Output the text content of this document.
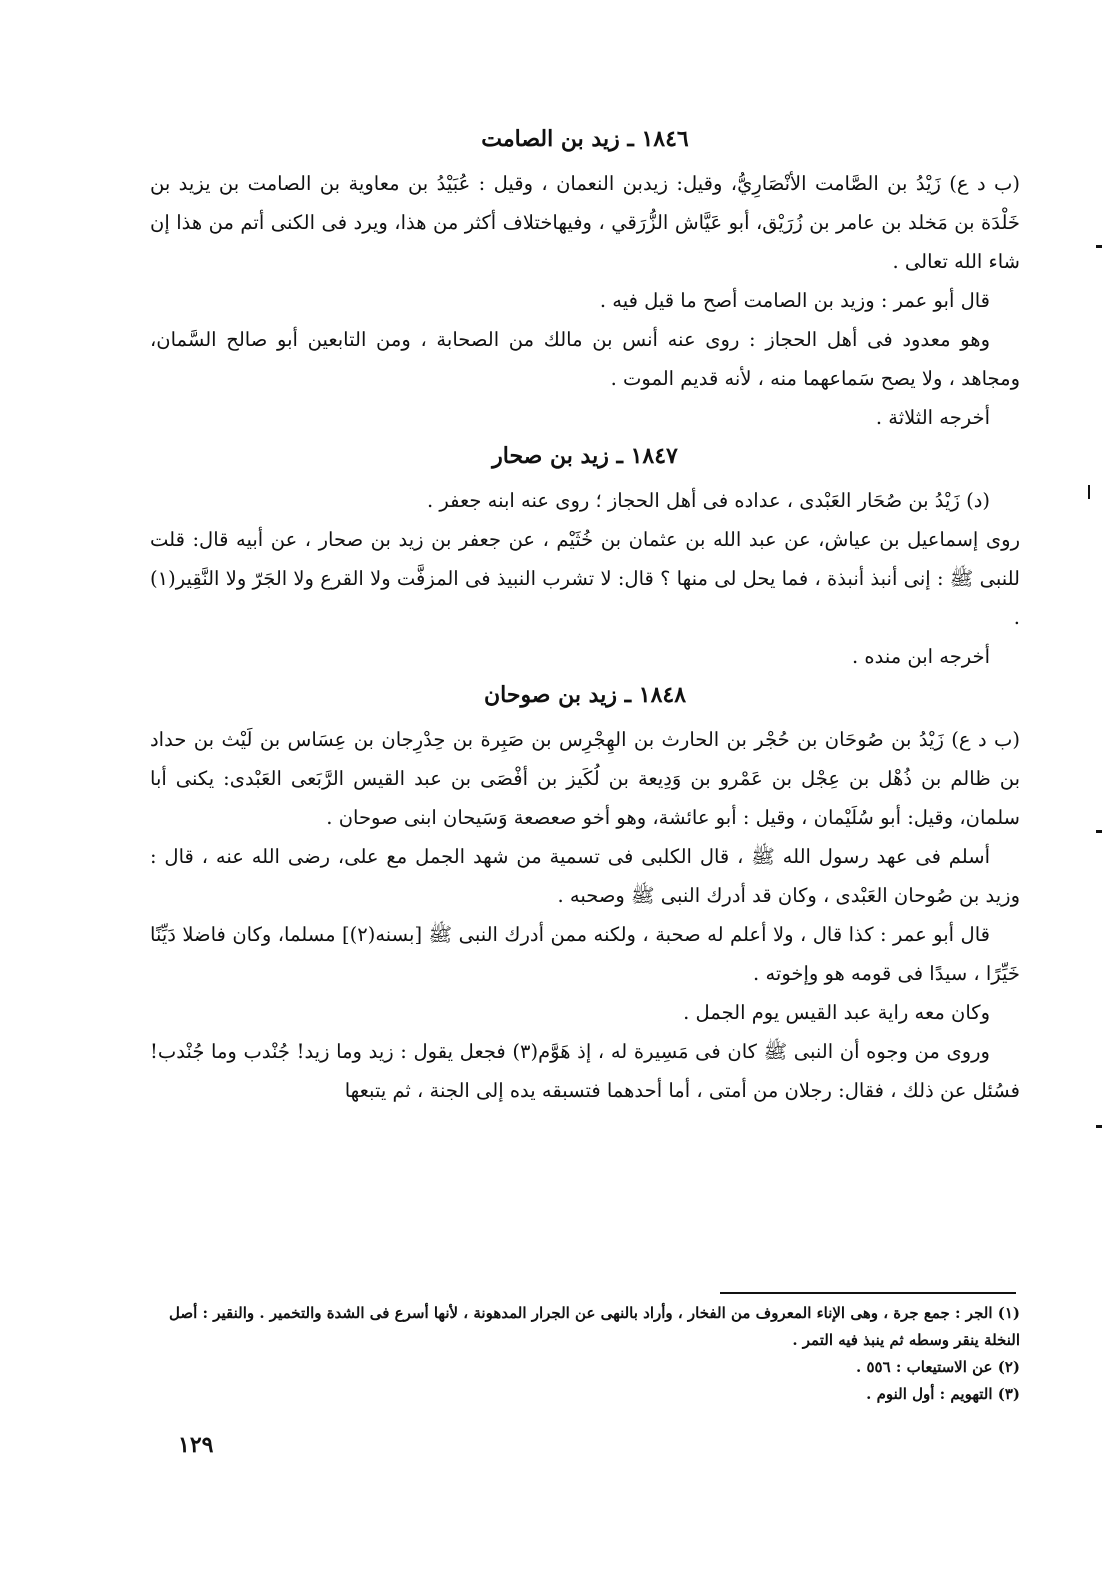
١٨٤٦ ـ زيد بن الصامت

(ب د ع) زَيْدُ بن الصَّامت الأنْصَارِيُّ، وقيل: زيدبن النعمان ، وقيل : عُبَيْدُ بن معاوية بن الصامت بن يزيد بن خَلْدَة بن مَخلد بن عامر بن زُرَيْق، أبو عَيَّاش الزُّرَقي ، وفيهاختلاف أكثر من هذا، ويرد فى الكنى أتم من هذا إن شاء الله تعالى .

قال أبو عمر : وزيد بن الصامت أصح ما قيل فيه .

وهو معدود فى أهل الحجاز : روى عنه أنس بن مالك من الصحابة ، ومن التابعين أبو صالح السَّمان، ومجاهد ، ولا يصح سَماعهما منه ، لأنه قديم الموت .

أخرجه الثلاثة .

١٨٤٧ ـ زيد بن صحار

(د) زَيْدُ بن صُحَار العَبْدى ، عداده فى أهل الحجاز ؛ روى عنه ابنه جعفر .

روى إسماعيل بن عياش، عن عبد الله بن عثمان بن خُثَيْم ، عن جعفر بن زيد بن صحار ، عن أبيه قال: قلت للنبى ﷺ : إنى أنبذ أنبذة ، فما يحل لى منها ؟ قال: لا تشرب النبيذ فى المزفَّت ولا القرع ولا الجَرّ ولا النَّقِير(١) .

أخرجه ابن منده .

١٨٤٨ ـ زيد بن صوحان

(ب د ع) زَيْدُ بن صُوحَان بن حُجْر بن الحارث بن الهِجْرِس بن صَبِرة بن حِدْرِجان بن عِسَاس بن لَيْث بن حداد بن ظالم بن ذُهْل بن عِجْل بن عَمْرو بن وَدِيعة بن لُكَيز بن أفْصَى بن عبد القيس الرَّبَعى العَبْدى: يكنى أبا سلمان، وقيل: أبو سُلَيْمان ، وقيل : أبو عائشة، وهو أخو صعصعة وَسَيحان ابنى صوحان .

أسلم فى عهد رسول الله ﷺ ، قال الكلبى فى تسمية من شهد الجمل مع على، رضى الله عنه ، قال : وزيد بن صُوحان العَبْدى ، وكان قد أدرك النبى ﷺ وصحبه .

قال أبو عمر : كذا قال ، ولا أعلم له صحبة ، ولكنه ممن أدرك النبى ﷺ [بسنه(٢)] مسلما، وكان فاضلا دَيِّنًا خَيِّرًا ، سيدًا فى قومه هو وإخوته .

وكان معه راية عبد القيس يوم الجمل .

وروى من وجوه أن النبى ﷺ كان فى مَسِيرة له ، إذ هَوَّم(٣) فجعل يقول : زيد وما زيد! جُنْدب وما جُنْدب! فسُئل عن ذلك ، فقال: رجلان من أمتى ، أما أحدهما فتسبقه يده إلى الجنة ، ثم يتبعها

(١) الجر : جمع جرة ، وهى الإناء المعروف من الفخار ، وأراد بالنهى عن الجرار المدهونة ، لأنها أسرع فى الشدة والتخمير . والنقير : أصل النخلة ينقر وسطه ثم ينبذ فيه التمر .

(٢) عن الاستيعاب : ٥٥٦ .

(٣) التهويم : أول النوم .

١٢٩
